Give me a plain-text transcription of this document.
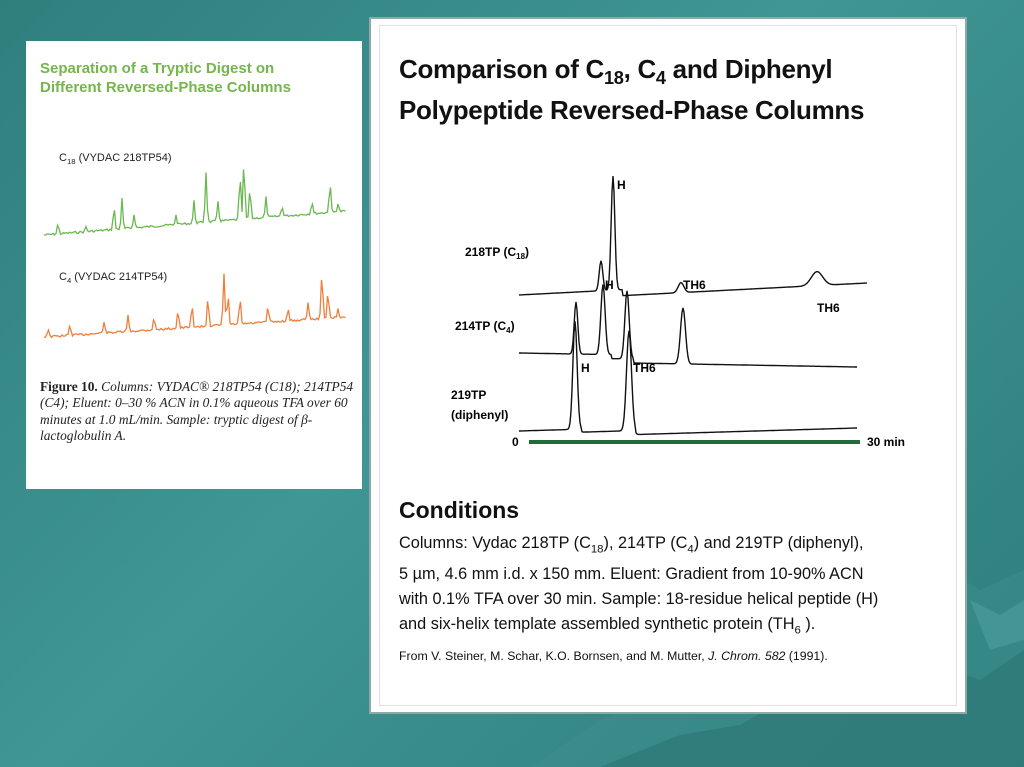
Separation of a Tryptic Digest on
Different Reversed-Phase Columns
$C_{18}$ (VYDAC 218TP54)
$C_4$ (VYDAC 214TP54)
Figure 10. Columns: VYDAC® 218TP54 (C18); 214TP54 (C4); Eluent: 0–30 % ACN in 0.1% aqueous TFA over 60 minutes at 1.0 mL/min. Sample: tryptic digest of β-lactoglobulin A.
Comparison of $C_{18}$, $C_4$ and Diphenyl
Polypeptide Reversed-Phase Columns
218TP $(C_{18})$
214TP $(C_4)$
219TP
(diphenyl)
H
TH6
H	TH6
H	TH6
0	30 min
Conditions
Columns: Vydac 218TP $(C_{18})$, 214TP $(C_4)$ and 219TP (diphenyl),
5 µm, 4.6 mm i.d. x 150 mm. Eluent: Gradient from 10-90% ACN
with 0.1% TFA over 30 min. Sample: 18-residue helical peptide (H)
and six-helix template assembled synthetic protein ($TH_6$ ).
From V. Steiner, M. Schar, K.O. Bornsen, and M. Mutter, J. Chrom. 582 (1991).
